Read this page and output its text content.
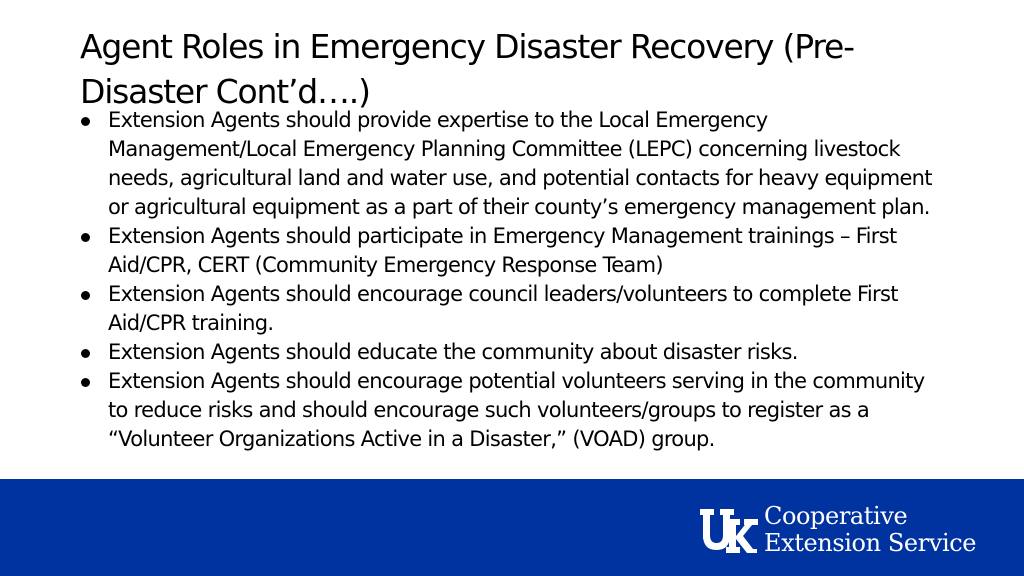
Agent Roles in Emergency Disaster Recovery (Pre-Disaster Cont’d….)
Extension Agents should provide expertise to the Local Emergency Management/Local Emergency Planning Committee (LEPC) concerning livestock needs, agricultural land and water use, and potential contacts for heavy equipment or agricultural equipment as a part of their county’s emergency management plan.
Extension Agents should participate in Emergency Management trainings – First Aid/CPR, CERT (Community Emergency Response Team)
Extension Agents should encourage council leaders/volunteers to complete First Aid/CPR training.
Extension Agents should educate the community about disaster risks.
Extension Agents should encourage potential volunteers serving in the community to reduce risks and should encourage such volunteers/groups to register as a “Volunteer Organizations Active in a Disaster,” (VOAD) group.
Cooperative
Extension Service
